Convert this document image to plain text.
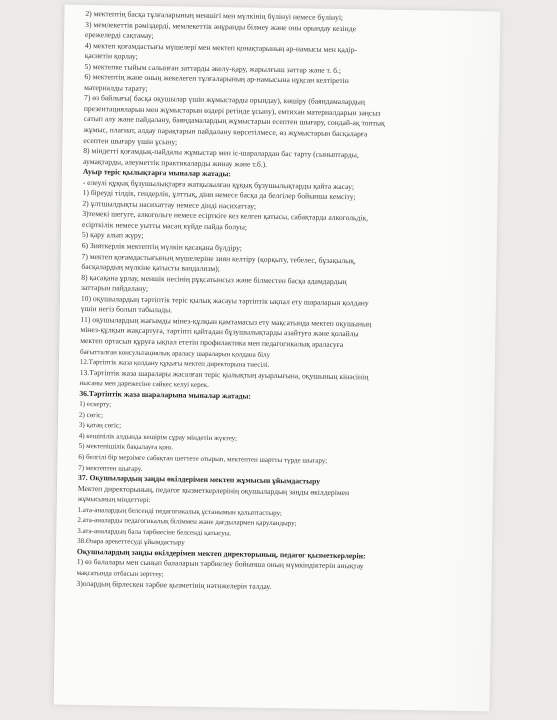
2) мектептің басқа тұлғаларының меншігі мен мүлкінің бүлінуі немесе бүлінуі;
3) мемлекеттік рәміздерді, мемлекеттік әнұранды білмеу және оны орындау кезінде
ережелерді сақтамау;
4) мектеп қоғамдастығы мүшелері мен мектеп қонақтарының ар-намысы мен қадір-
қасиетін қорлау;
5) мектепке тыйым салынған заттарды әкелу-қару, жарылғыш заттар және т. б.;
6) мектептің және оның жекелеген тұлғаларының ар-намысына нұқсан келтіретін
материалды тарату;
7) өз байлығы( басқа оқушылар үшін жұмыстарды орындау), көшіру (баяндамалардың
презентацияларын мен жұмыстарын өздері ретінде ұсыну), емтихан материалдарын заңсыз
сатып алу және пайдалану, баяндамалардың жұмыстарын есептен шығару, сондай-ақ топтық
жұмыс, плагиат, алдау парақтарын пайдалану көрсетілмесе, өз жұмыстарын басқаларға
есептен шығару үшін ұсыну;
8) міндетті қоғамдық-пайдалы жұмыстар мен іс-шаралардан бас тарту (сыныптарды,
аумақтарды, әлеуметтік практикаларды жинау және т.б.).
Ауыр теріс қылықтарға мыналар жатады:
- елеулі құқық бұзушылықтарға жатқызылған құқық бұзушылықтарды қайта жасау;
1) біреуді тілдік, гендерлік, ұлттық, діни немесе басқа да белгілер бойынша кемсіту;
2) ұлтшылдықты насихаттау немесе дінді насихаттау;
3)темекі шегуге, алкогольге немесе есірткіге кез келген қатысы, сабақтарда алкогольдік,
есірткілік немесе уытты масаң күйде пайда болуы;
5) қару алып жүру;
6) Зияткерлік мектептің мүлкін қасақана бүлдіру;
7) мектеп қоғамдастығының мүшелеріне зиян келтіру (қорқыту, тебелес, бұзақылық,
басқалардың мүлкіне қатысты вандализм);
8) қасақана ұрлау, меншік иесінің рұқсатынсыз және білместен басқа адамдардың
заттарын пайдалану;
10) оқушылардың тәртіптік теріс қылық жасауы тәртіптік ықпал ету шараларын қолдану
үшін негіз болып табылады.
11) оқушылардың жағымды мінез-құлқын қамтамасыз ету мақсатында мектеп оқушының
мінез-құлқын жақсартуға, тәртіпті қайтадан бұзушылықтарды азайтуға және қолайлы
мектеп ортасын құруға ықпал ететін профилактика мен педагогикалық араласуға
бағытталған консультациялық араласу шараларын қолдана білу
12.Тәртіптік жаза қолдану құқығы мектеп директорына тиесілі.
13.Тәртіптік жаза шаралары жасалған теріс қылықтың ауырлығына, оқушының кінәсінің
нысаны мен дәрежесіне сәйкес келуі керек.
36.Тәртіптік жаза шараларына мыналар жатады:
1) ескерту;
2) сөгіс;
3) қатаң сөгіс;
4) кешіпілік алдында кешірім сұрау міндетін жүктеу;
5) мектепішілік бақылауға қою.
6) белгілі бір мерзімге сабақтан шеттете отырып, мектептен шартты түрде шығару;
7) мектептен шығару.
37. Оқушылардың заңды өкілдерімен мектеп жұмысын ұйымдастыру
Мектеп директорының, педагог қызметкерлерінің оқушылардың заңды өкілдерімен
жұмысының міндеттері:
1.ата-аналардың белсенді педагогикалық ұстанымын қалыптастыру;
2.ата-аналарды педагогикалық біліммен және дағдылармен қаруландыру;
3.ата-аналардың бала тәрбиесіне белсенді қатысуы.
38.Өзара әрекеттесуді ұйымдастыру
Оқушылардың заңды өкілдерімен мектеп директорының, педагог қызметкерлерін:
1) өз балалары мен сынып балаларын тәрбиелеу бойынша оның мүмкіндіктерін анықтау
мақсатында отбасын зерттеу;
3)олардың бірлескен тәрбие қызметінің нәтижелерін талдау.
